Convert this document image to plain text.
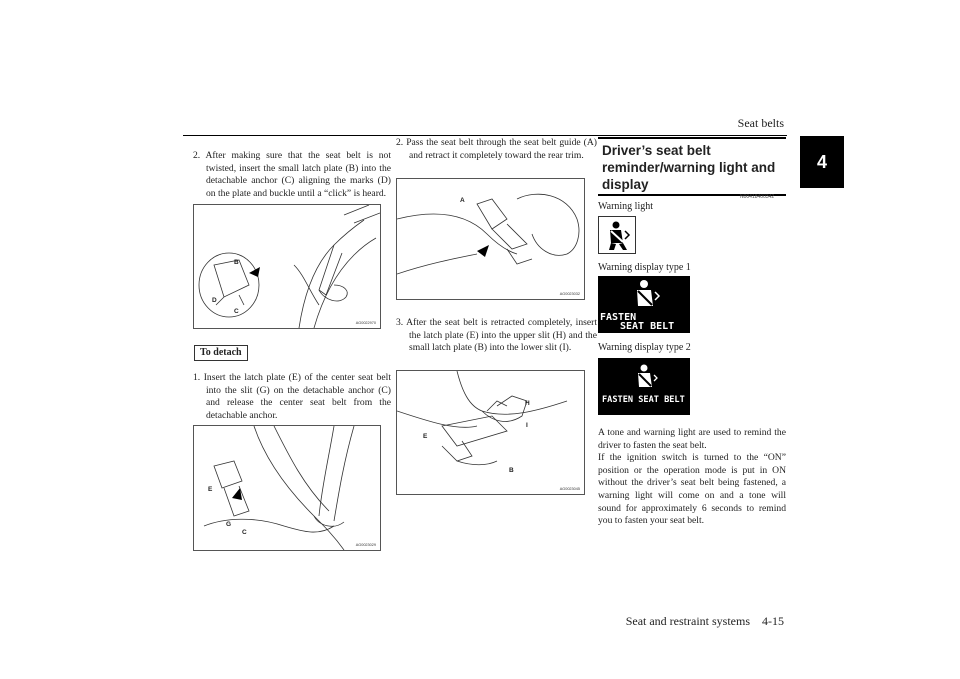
Seat belts
4
2. After making sure that the seat belt is not twisted, insert the small latch plate (B) into the detachable anchor (C) aligning the marks (D) on the plate and buckle until a “click” is heard.
B
D
C
AG0022970
To detach
1. Insert the latch plate (E) of the center seat belt into the slit (G) on the detachable anchor (C) and release the center seat belt from the detachable anchor.
E
G
C
AG0023029
2. Pass the seat belt through the seat belt guide (A) and retract it completely toward the rear trim.
A
AG0023032
3. After the seat belt is retracted completely, insert the latch plate (E) into the upper slit (H) and the small latch plate (B) into the lower slit (I).
H
I
E
B
AG0023045
Driver’s seat belt reminder/warning light and display
N00418400342
Warning light
Warning display type 1
FASTEN
SEAT BELT
Warning display type 2
FASTEN SEAT BELT
A tone and warning light are used to remind the driver to fasten the seat belt.
If the ignition switch is turned to the “ON” position or the operation mode is put in ON without the driver’s seat belt being fastened, a warning light will come on and a tone will sound for approximately 6 seconds to remind you to fasten your seat belt.
Seat and restraint systems    4-15
